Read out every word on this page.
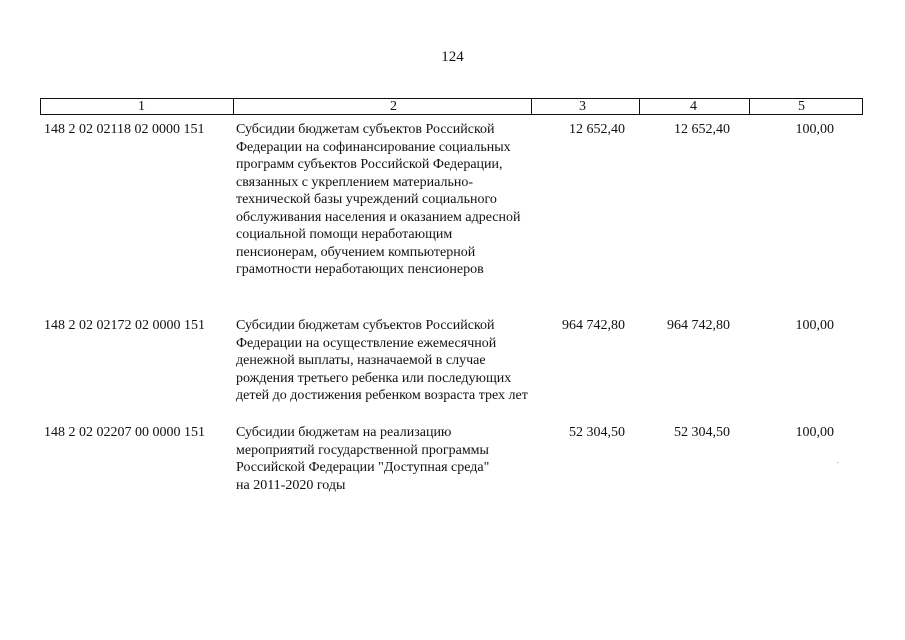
124
1	2	3	4	5
148 2 02 02118 02 0000 151	Субсидии бюджетам субъектов Российской
Федерации на софинансирование социальных
программ субъектов Российской Федерации,
связанных с укреплением материально-
технической базы учреждений социального
обслуживания населения и оказанием адресной
социальной помощи неработающим
пенсионерам, обучением компьютерной
грамотности неработающих пенсионеров
12 652,40	12 652,40	100,00
148 2 02 02172 02 0000 151	Субсидии бюджетам субъектов Российской
Федерации на осуществление ежемесячной
денежной выплаты, назначаемой в случае
рождения третьего ребенка или последующих
детей до достижения ребенком возраста трех лет
964 742,80	964 742,80	100,00
148 2 02 02207 00 0000 151	Субсидии бюджетам на реализацию
мероприятий государственной программы
Российской Федерации "Доступная среда"
на 2011-2020 годы
52 304,50	52 304,50	100,00
